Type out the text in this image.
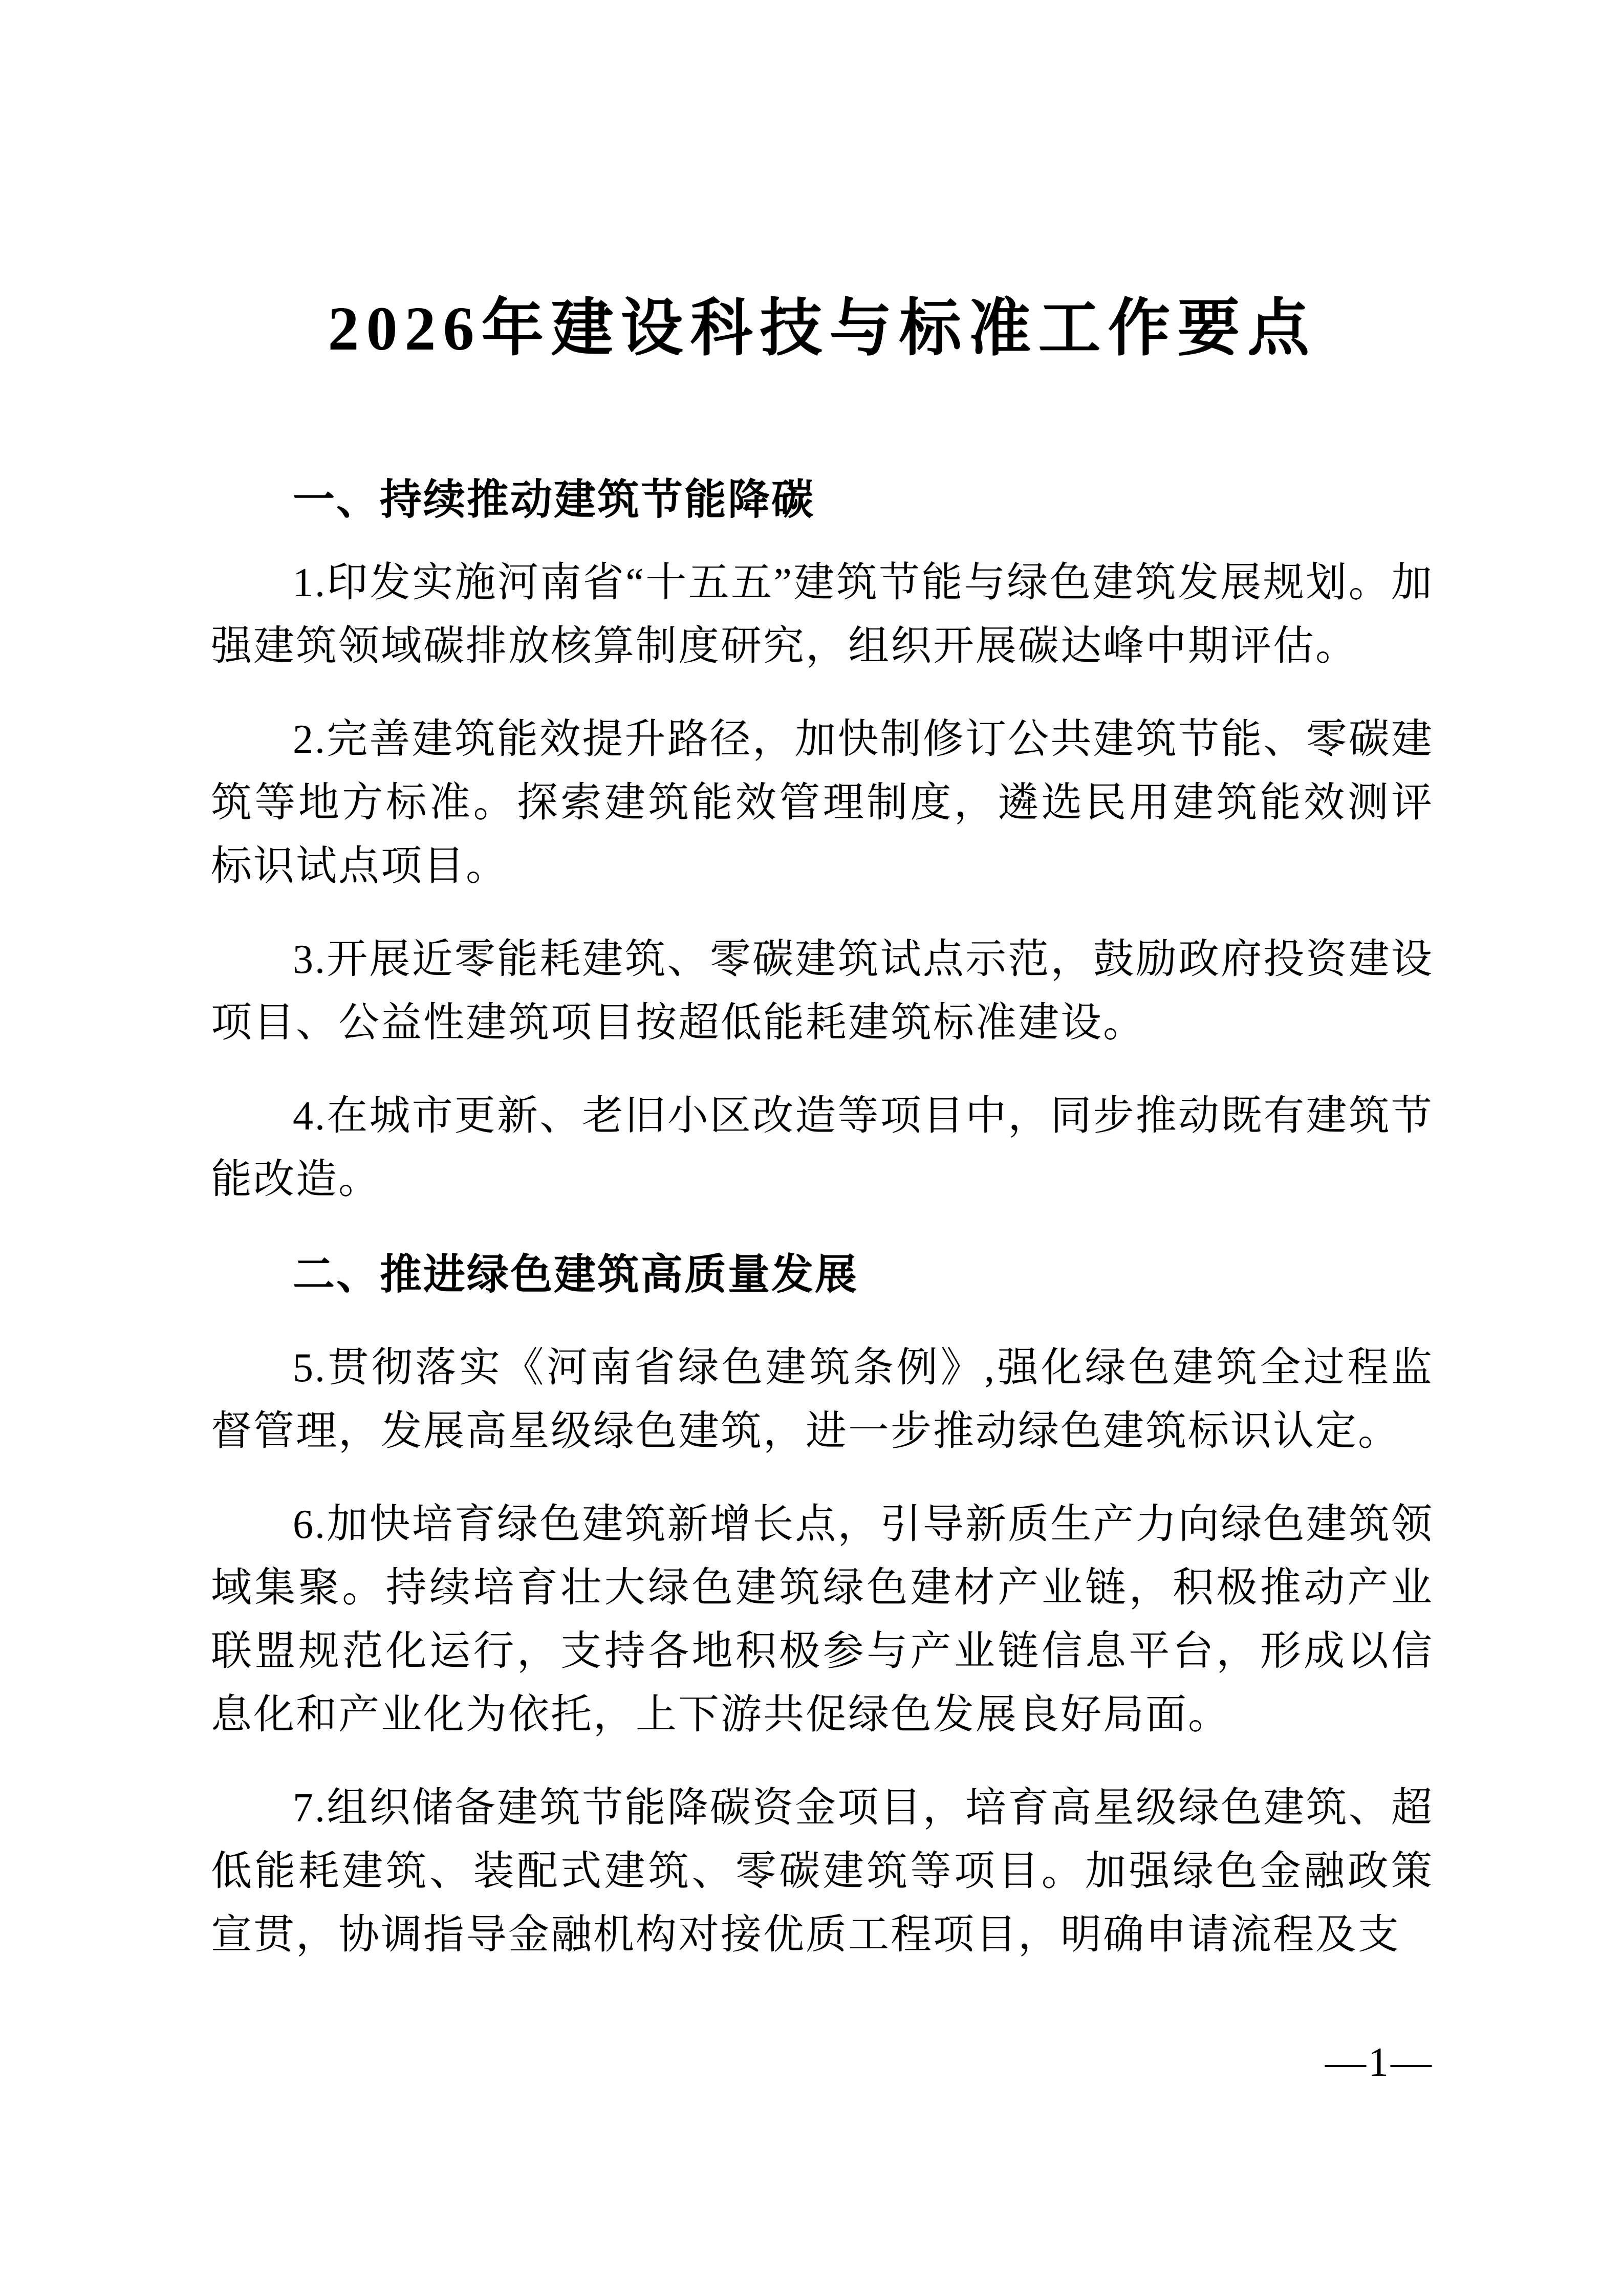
2026年建设科技与标准工作要点
一、持续推动建筑节能降碳

1.印发实施河南省“十五五”建筑节能与绿色建筑发展规划。加强建筑领域碳排放核算制度研究，组织开展碳达峰中期评估。

2.完善建筑能效提升路径，加快制修订公共建筑节能、零碳建筑等地方标准。探索建筑能效管理制度，遴选民用建筑能效测评标识试点项目。

3.开展近零能耗建筑、零碳建筑试点示范，鼓励政府投资建设项目、公益性建筑项目按超低能耗建筑标准建设。

4.在城市更新、老旧小区改造等项目中，同步推动既有建筑节能改造。

二、推进绿色建筑高质量发展

5.贯彻落实《河南省绿色建筑条例》,强化绿色建筑全过程监督管理，发展高星级绿色建筑，进一步推动绿色建筑标识认定。

6.加快培育绿色建筑新增长点，引导新质生产力向绿色建筑领域集聚。持续培育壮大绿色建筑绿色建材产业链，积极推动产业联盟规范化运行，支持各地积极参与产业链信息平台，形成以信息化和产业化为依托，上下游共促绿色发展良好局面。

7.组织储备建筑节能降碳资金项目，培育高星级绿色建筑、超低能耗建筑、装配式建筑、零碳建筑等项目。加强绿色金融政策宣贯，协调指导金融机构对接优质工程项目，明确申请流程及支

—1—
